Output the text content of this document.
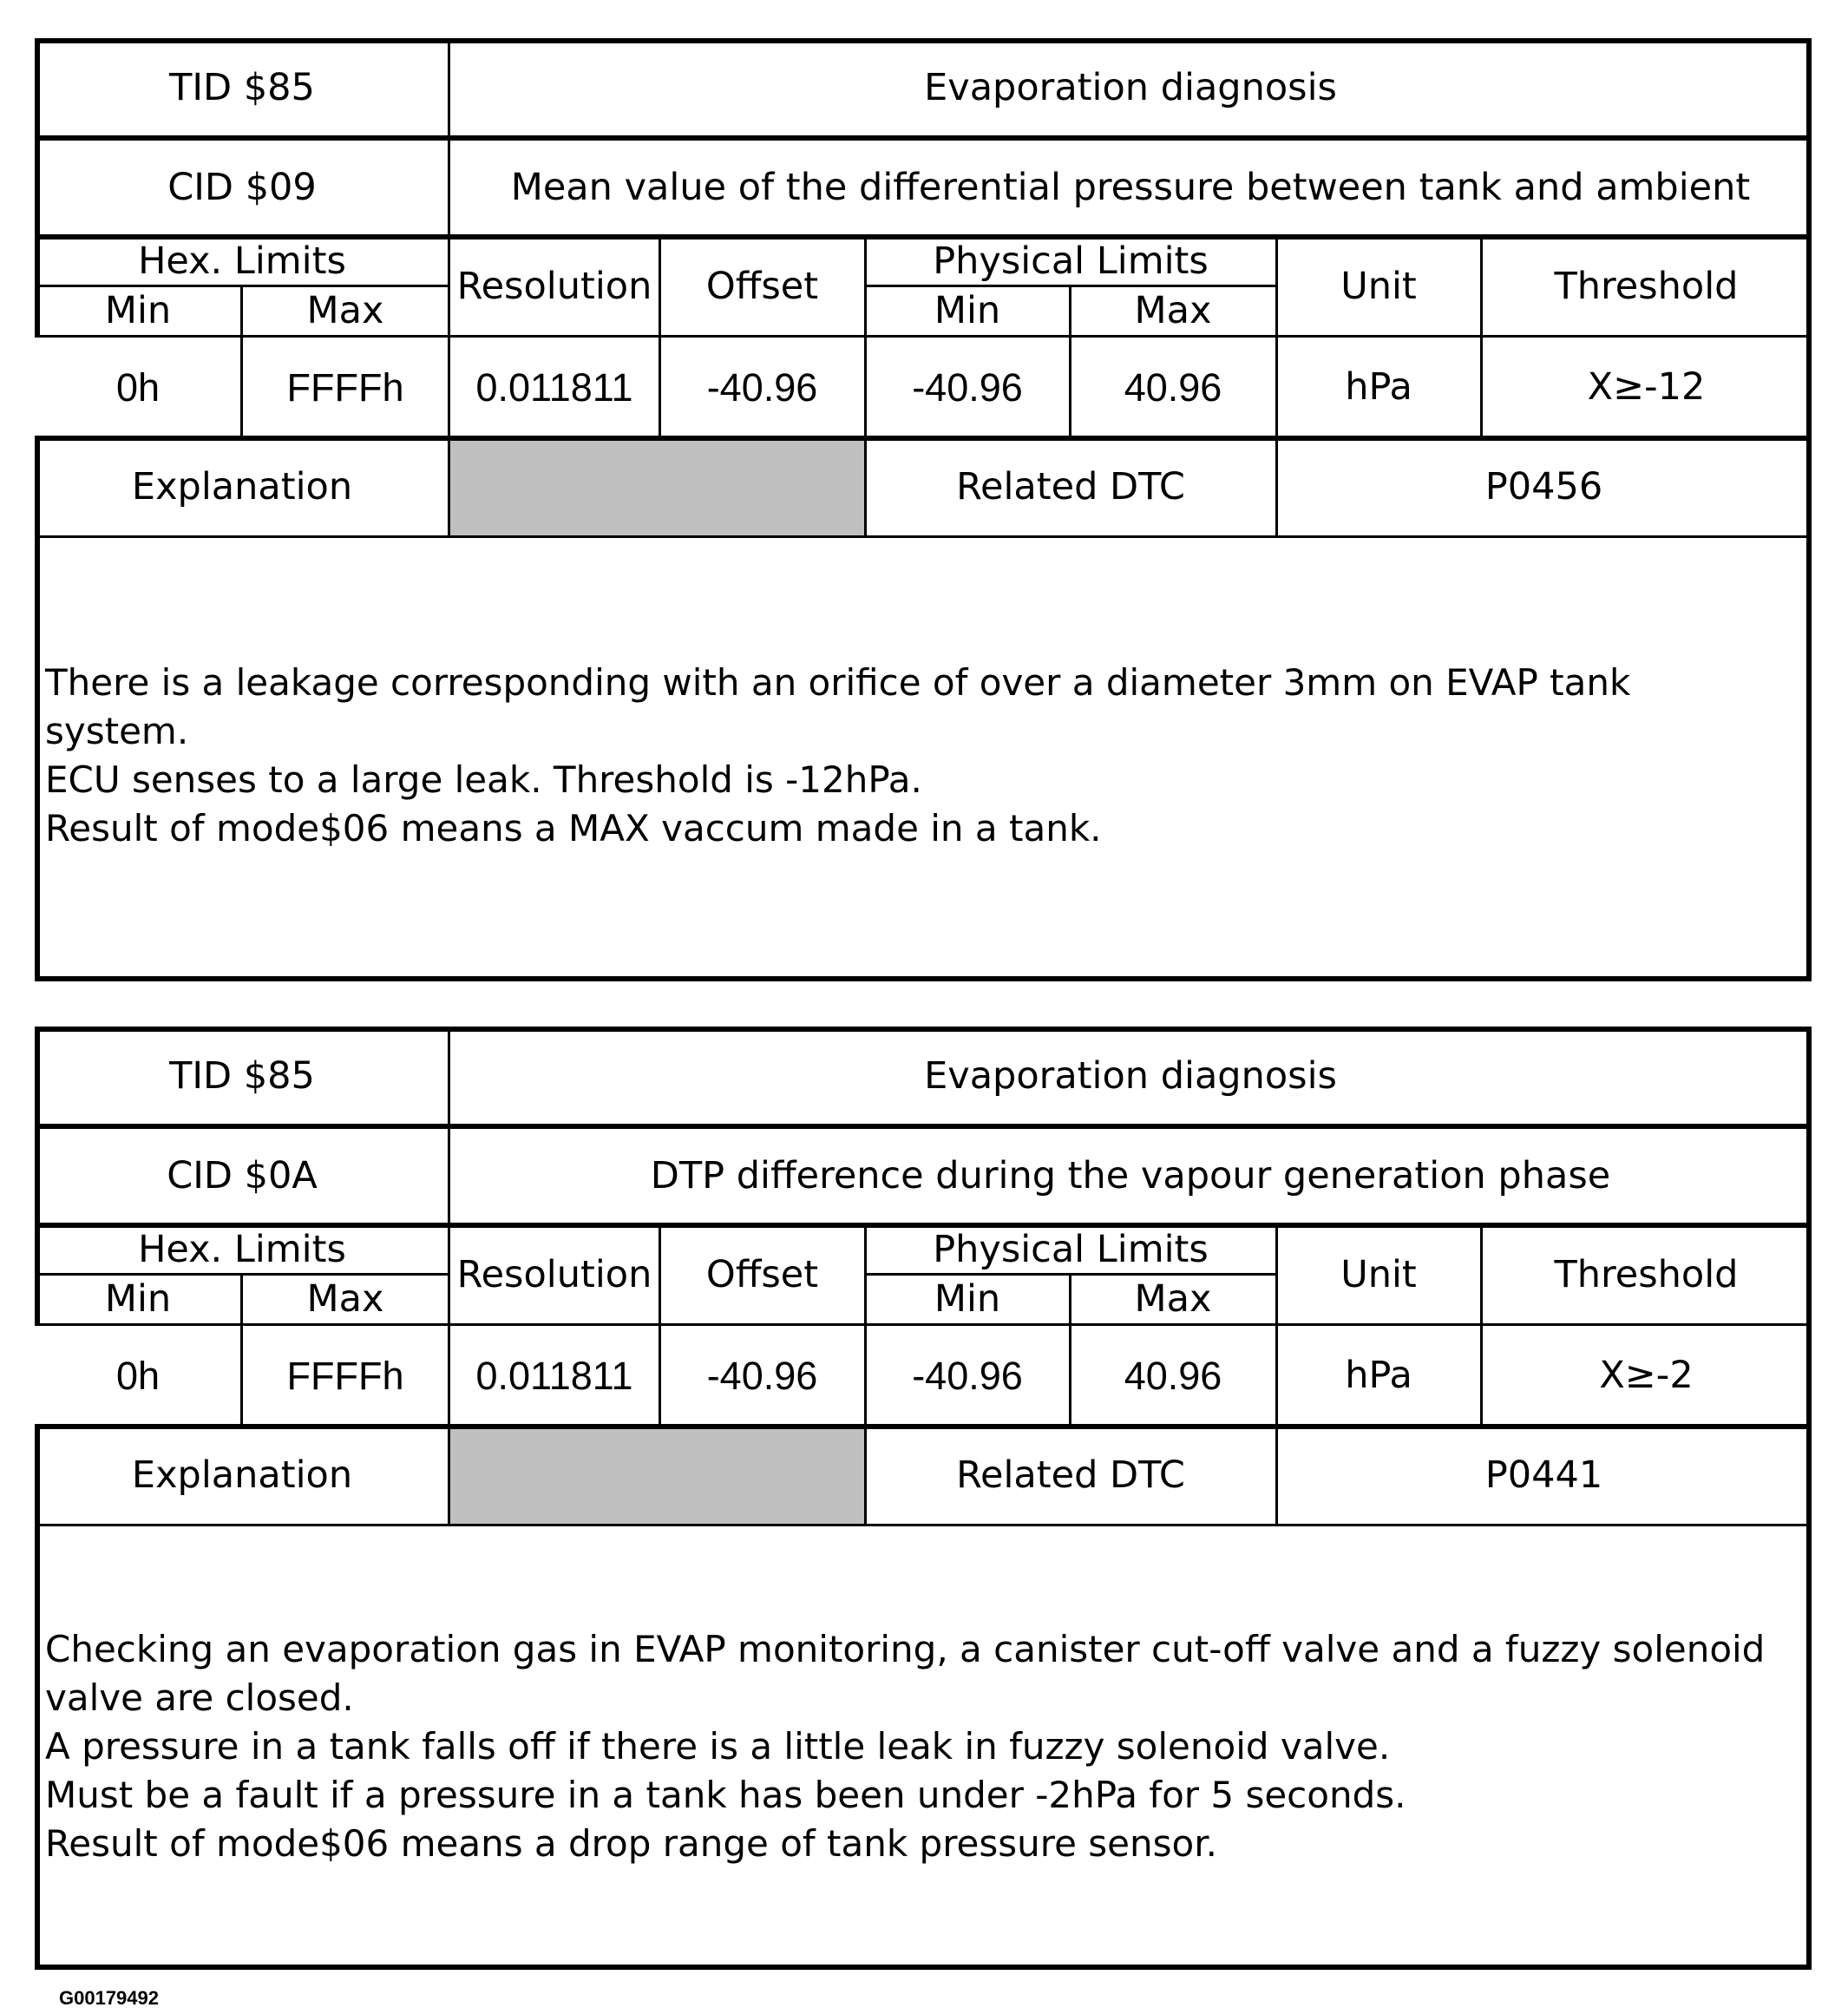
TID $85	Evaporation diagnosis
CID $09	Mean value of the differential pressure between tank and ambient
Hex. Limits
Min	Max
Resolution	Offset
Physical Limits
Min	Max
Unit	Threshold
0h	FFFFh	0.011811	-40.96	-40.96	40.96	hPa	X≥-12
Explanation	Related DTC	P0456
There is a leakage corresponding with an orifice of over a diameter 3mm on EVAP tank
system.
ECU senses to a large leak. Threshold is -12hPa.
Result of mode$06 means a MAX vaccum made in a tank.
TID $85	Evaporation diagnosis
CID $0A	DTP difference during the vapour generation phase
Hex. Limits
Min	Max
Resolution	Offset
Physical Limits
Min	Max
Unit	Threshold
0h	FFFFh	0.011811	-40.96	-40.96	40.96	hPa	X≥-2
Explanation	Related DTC	P0441
Checking an evaporation gas in EVAP monitoring, a canister cut-off valve and a fuzzy solenoid
valve are closed.
A pressure in a tank falls off if there is a little leak in fuzzy solenoid valve.
Must be a fault if a pressure in a tank has been under -2hPa for 5 seconds.
Result of mode$06 means a drop range of tank pressure sensor.
G00179492
